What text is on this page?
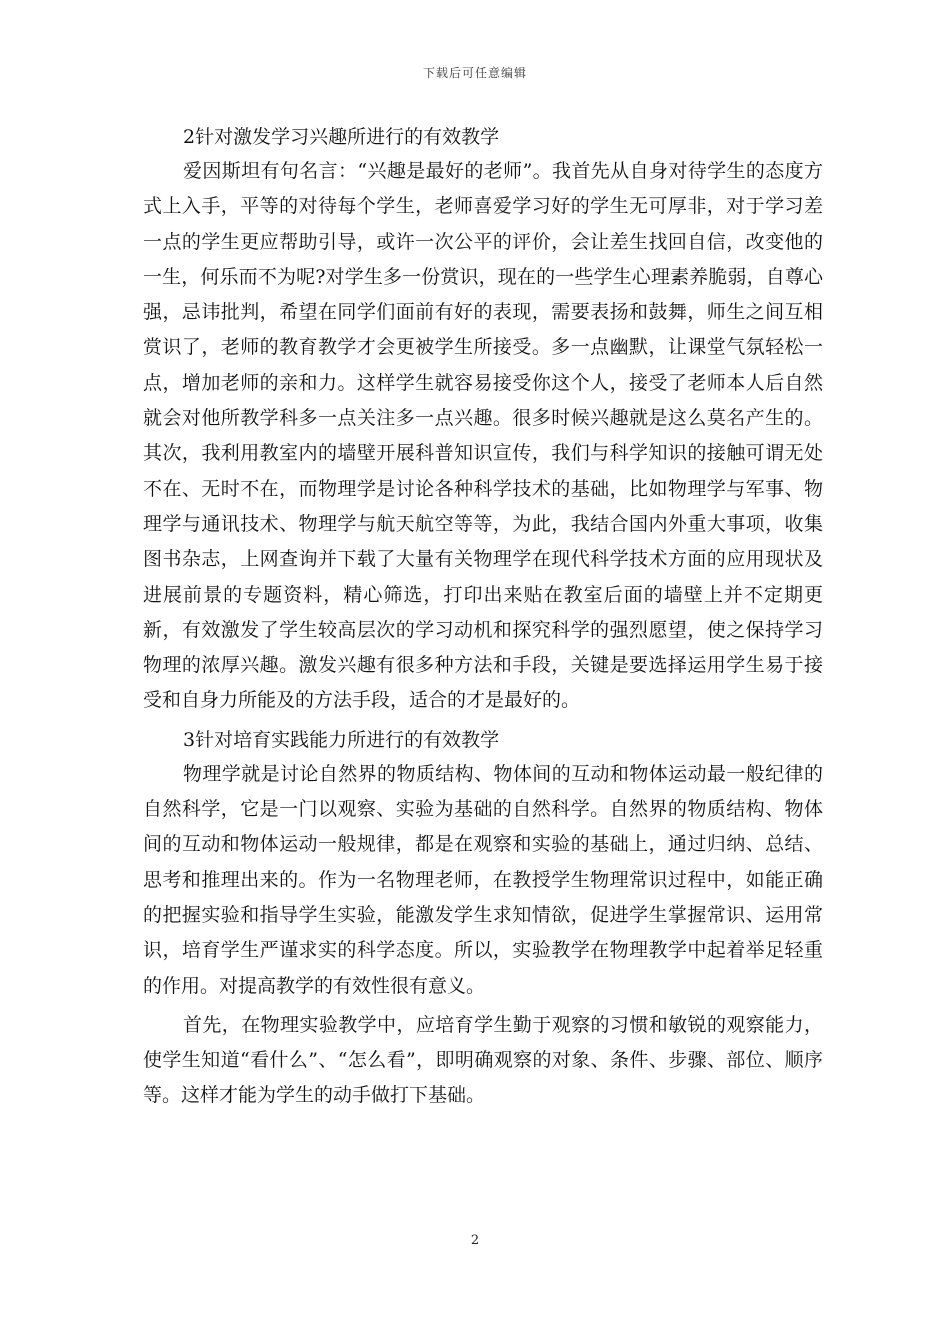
下载后可任意编辑

2针对激发学习兴趣所进行的有效教学

爱因斯坦有句名言：“兴趣是最好的老师”。我首先从自身对待学生的态度方式上入手，平等的对待每个学生，老师喜爱学习好的学生无可厚非，对于学习差一点的学生更应帮助引导，或许一次公平的评价，会让差生找回自信，改变他的一生，何乐而不为呢?对学生多一份赏识，现在的一些学生心理素养脆弱，自尊心强，忌讳批判，希望在同学们面前有好的表现，需要表扬和鼓舞，师生之间互相赏识了，老师的教育教学才会更被学生所接受。多一点幽默，让课堂气氛轻松一点，增加老师的亲和力。这样学生就容易接受你这个人，接受了老师本人后自然就会对他所教学科多一点关注多一点兴趣。很多时候兴趣就是这么莫名产生的。其次，我利用教室内的墙壁开展科普知识宣传，我们与科学知识的接触可谓无处不在、无时不在，而物理学是讨论各种科学技术的基础，比如物理学与军事、物理学与通讯技术、物理学与航天航空等等，为此，我结合国内外重大事项，收集图书杂志，上网查询并下载了大量有关物理学在现代科学技术方面的应用现状及进展前景的专题资料，精心筛选，打印出来贴在教室后面的墙壁上并不定期更新，有效激发了学生较高层次的学习动机和探究科学的强烈愿望，使之保持学习物理的浓厚兴趣。激发兴趣有很多种方法和手段，关键是要选择运用学生易于接受和自身力所能及的方法手段，适合的才是最好的。

3针对培育实践能力所进行的有效教学

物理学就是讨论自然界的物质结构、物体间的互动和物体运动最一般纪律的自然科学，它是一门以观察、实验为基础的自然科学。自然界的物质结构、物体间的互动和物体运动一般规律，都是在观察和实验的基础上，通过归纳、总结、思考和推理出来的。作为一名物理老师，在教授学生物理常识过程中，如能正确的把握实验和指导学生实验，能激发学生求知情欲，促进学生掌握常识、运用常识，培育学生严谨求实的科学态度。所以，实验教学在物理教学中起着举足轻重的作用。对提高教学的有效性很有意义。

首先，在物理实验教学中，应培育学生勤于观察的习惯和敏锐的观察能力，使学生知道“看什么”、“怎么看”，即明确观察的对象、条件、步骤、部位、顺序等。这样才能为学生的动手做打下基础。

2
